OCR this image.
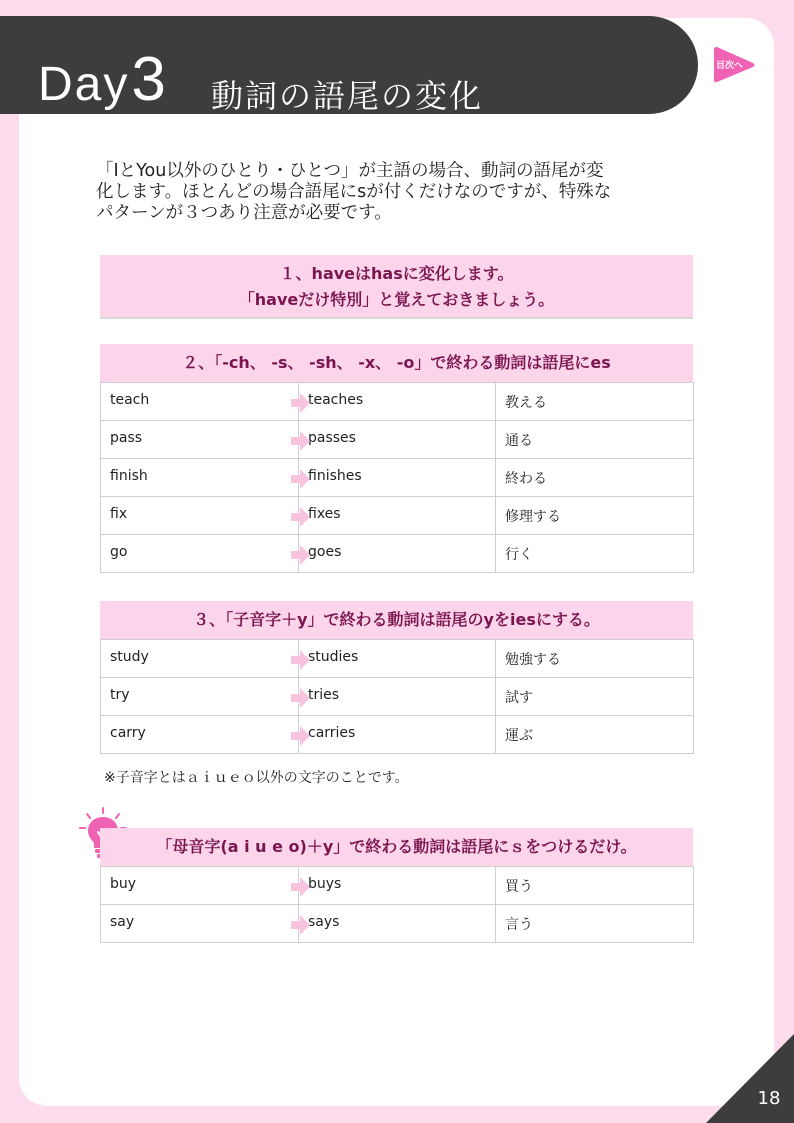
Day 3 動詞の語尾の変化
目次へ
「IとYou以外のひとり・ひとつ」が主語の場合、動詞の語尾が変
化します。ほとんどの場合語尾にsが付くだけなのですが、特殊な
パターンが３つあり注意が必要です。
１、haveはhasに変化します。
「haveだけ特別」と覚えておきましょう。
２、「-ch、 -s、 -sh、 -x、 -o」で終わる動詞は語尾にes
teach	teaches	教える
pass	passes	通る
finish	finishes	終わる
fix	fixes	修理する
go	goes	行く
３、「子音字＋y」で終わる動詞は語尾のyをiesにする。
study	studies	勉強する
try	tries	試す
carry	carries	運ぶ
※子音字とはａｉｕｅｏ以外の文字のことです。
「母音字(a i u e o)＋y」で終わる動詞は語尾にｓをつけるだけ。
buy	buys	買う
say	says	言う
18
